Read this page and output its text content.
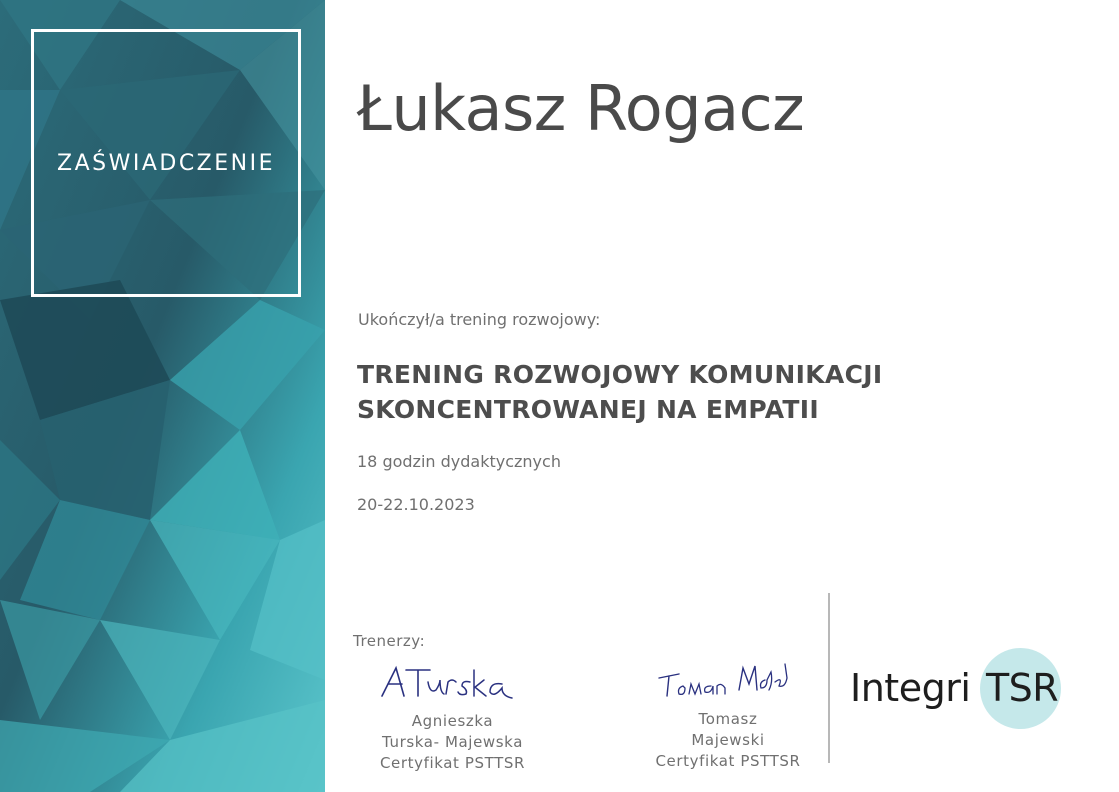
ZAŚWIADCZENIE
Łukasz Rogacz
Ukończył/a trening rozwojowy:
TRENING ROZWOJOWY KOMUNIKACJI
SKONCENTROWANEJ NA EMPATII
18 godzin dydaktycznych
20-22.10.2023
Trenerzy:
Agnieszka
Turska- Majewska
Certyfikat PSTTSR
Tomasz
Majewski
Certyfikat PSTTSR
Integri TSR
